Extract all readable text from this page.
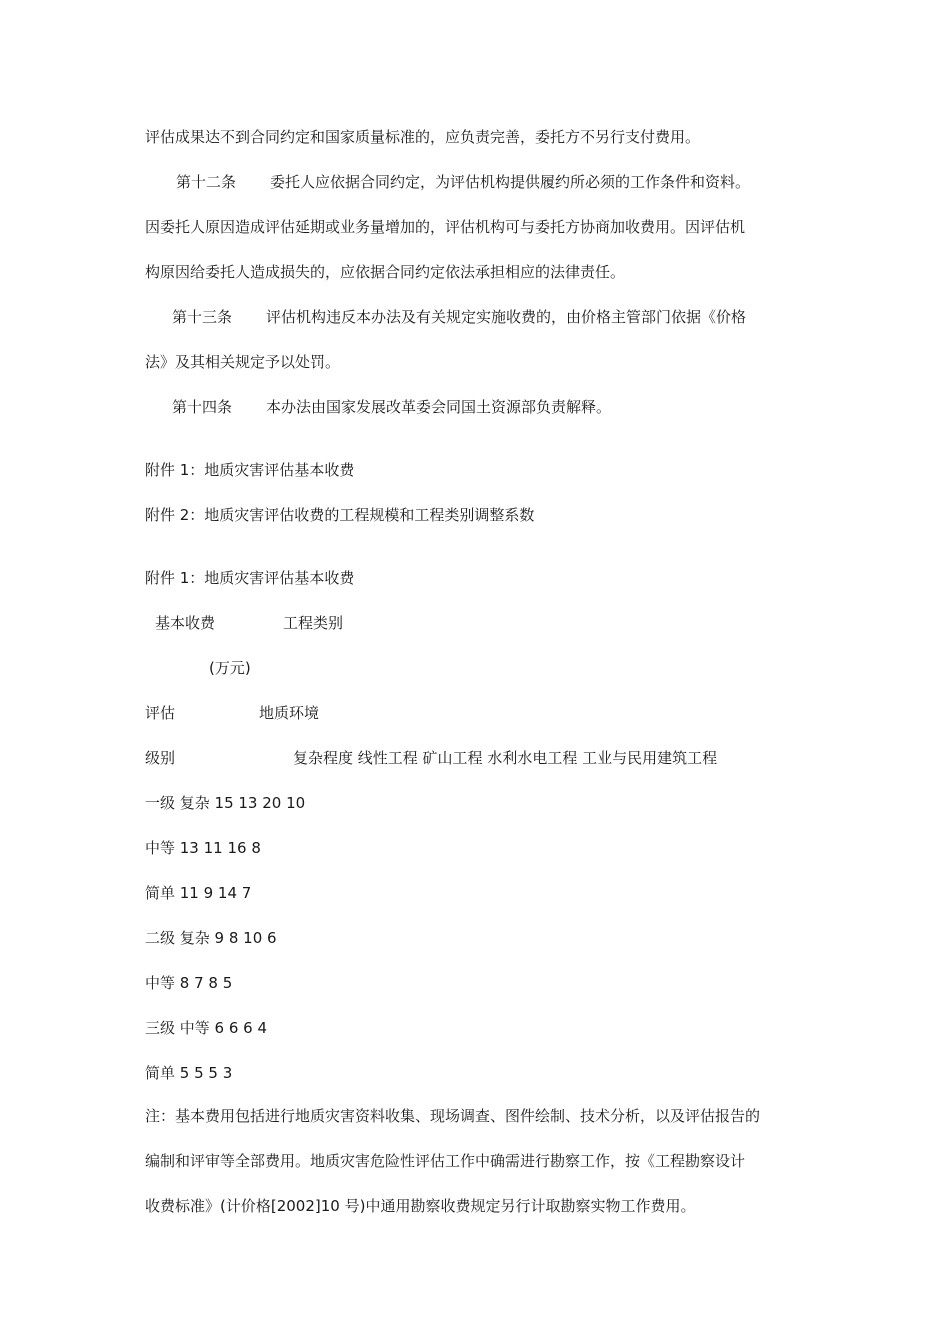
评估成果达不到合同约定和国家质量标准的，应负责完善，委托方不另行支付费用。
第十二条 委托人应依据合同约定，为评估机构提供履约所必须的工作条件和资料。
因委托人原因造成评估延期或业务量增加的，评估机构可与委托方协商加收费用。因评估机
构原因给委托人造成损失的，应依据合同约定依法承担相应的法律责任。
第十三条 评估机构违反本办法及有关规定实施收费的，由价格主管部门依据《价格
法》及其相关规定予以处罚。
第十四条 本办法由国家发展改革委会同国土资源部负责解释。
附件 1：地质灾害评估基本收费
附件 2：地质灾害评估收费的工程规模和工程类别调整系数
附件 1：地质灾害评估基本收费
基本收费	工程类别
(万元)
评估	地质环境
级别	复杂程度 线性工程 矿山工程 水利水电工程 工业与民用建筑工程
一级 复杂 15 13 20 10
中等 13 11 16 8
简单 11 9 14 7
二级 复杂 9 8 10 6
中等 8 7 8 5
三级 中等 6 6 6 4
简单 5 5 5 3
注：基本费用包括进行地质灾害资料收集、现场调查、图件绘制、技术分析，以及评估报告的
编制和评审等全部费用。地质灾害危险性评估工作中确需进行勘察工作，按《工程勘察设计
收费标准》(计价格[2002]10 号)中通用勘察收费规定另行计取勘察实物工作费用。
